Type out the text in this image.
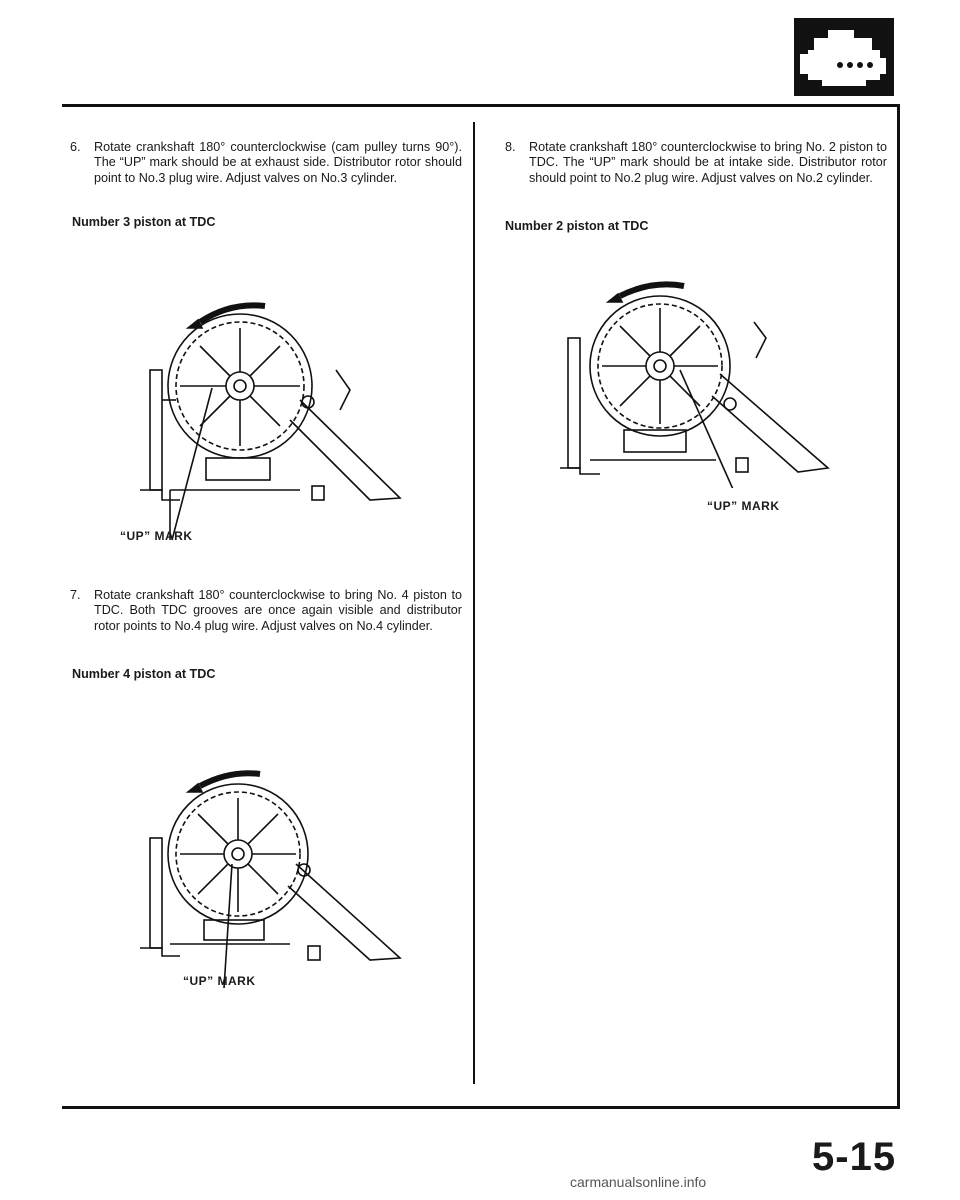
6. Rotate crankshaft 180° counterclockwise (cam pulley turns 90°). The “UP” mark should be at exhaust side. Distributor rotor should point to No.3 plug wire. Adjust valves on No.3 cylinder.
Number 3 piston at TDC
“UP” MARK
7. Rotate crankshaft 180° counterclockwise to bring No. 4 piston to TDC. Both TDC grooves are once again visible and distributor rotor points to No.4 plug wire. Adjust valves on No.4 cylinder.
Number 4 piston at TDC
“UP” MARK
8. Rotate crankshaft 180° counterclockwise to bring No. 2 piston to TDC. The “UP” mark should be at intake side. Distributor rotor should point to No.2 plug wire. Adjust valves on No.2 cylinder.
Number 2 piston at TDC
“UP” MARK
5-15
carmanualsonline.info
